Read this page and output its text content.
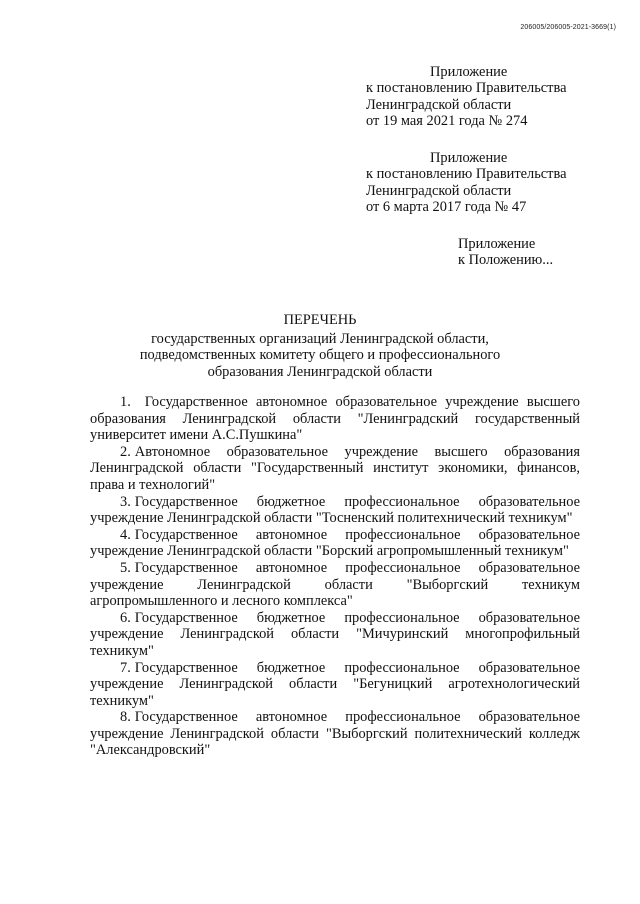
206005/206005-2021-3669(1)
Приложение
к постановлению Правительства
Ленинградской области
от 19 мая 2021 года № 274
Приложение
к постановлению Правительства
Ленинградской области
от 6 марта 2017 года № 47
Приложение
к Положению...
ПЕРЕЧЕНЬ
государственных организаций Ленинградской области,
подведомственных комитету общего и профессионального
образования Ленинградской области
1. Государственное автономное образовательное учреждение высшего образования Ленинградской области "Ленинградский государственный университет имени А.С.Пушкина"
2. Автономное образовательное учреждение высшего образования Ленинградской области "Государственный институт экономики, финансов, права и технологий"
3. Государственное бюджетное профессиональное образовательное учреждение Ленинградской области "Тосненский политехнический техникум"
4. Государственное автономное профессиональное образовательное учреждение Ленинградской области "Борский агропромышленный техникум"
5. Государственное автономное профессиональное образовательное учреждение Ленинградской области "Выборгский техникум агропромышленного и лесного комплекса"
6. Государственное бюджетное профессиональное образовательное учреждение Ленинградской области "Мичуринский многопрофильный техникум"
7. Государственное бюджетное профессиональное образовательное учреждение Ленинградской области "Бегуницкий агротехнологический техникум"
8. Государственное автономное профессиональное образовательное учреждение Ленинградской области "Выборгский политехнический колледж "Александровский"
